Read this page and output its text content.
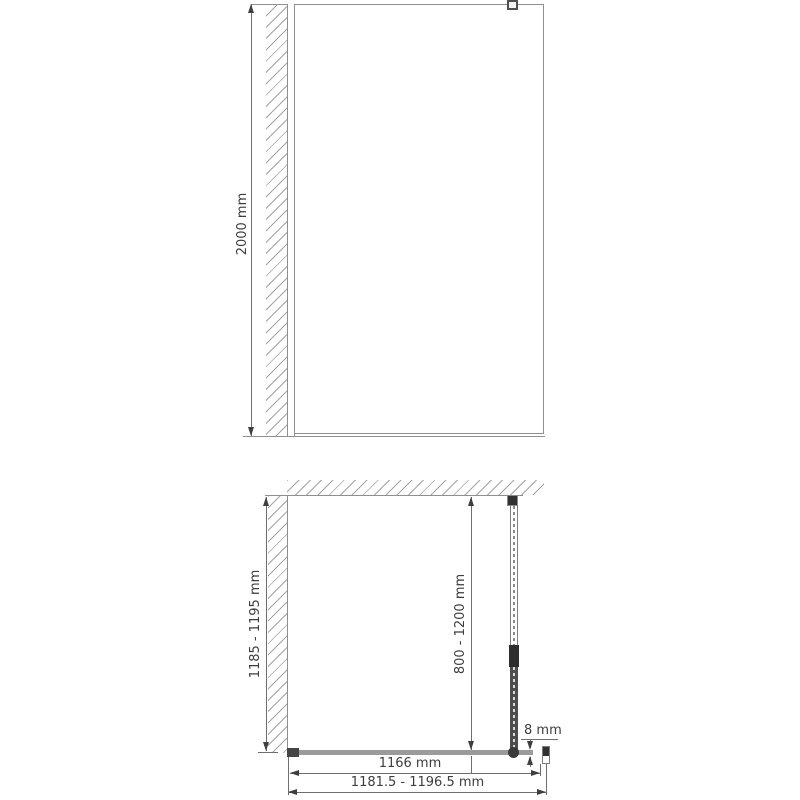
2000 mm
1185 - 1195 mm	800 - 1200 mm
8 mm
1166 mm
1181.5 - 1196.5 mm
